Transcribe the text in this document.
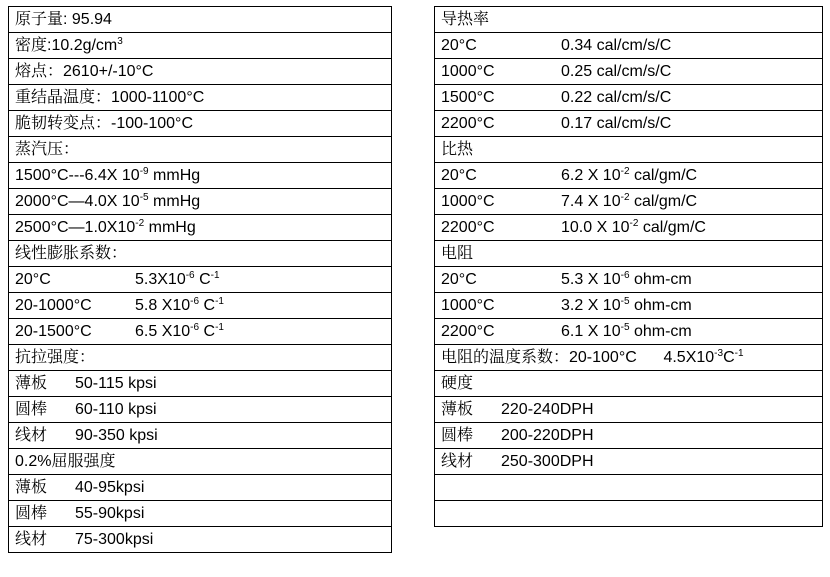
原子量: 95.94
密度$:10.2g/cm^3$
熔点：2610+/-10°C
重结晶温度：1000-1100°C
脆韧转变点：-100-100°C
蒸汽压：
1500°C---6.4X $10^{-9}$ mmHg
2000°C—4.0X $10^{-5}$ mmHg
$2500^\circ C—1.0X10^{-2}$ mmHg
线性膨胀系数：
20°C	$5.3X10^{-6}$ $C^{-1}$
20-1000°C	5.8 $X10^{-6}$ $C^{-1}$
20-1500°C	6.5 $X10^{-6}$ $C^{-1}$
抗拉强度：
薄板 50-115 kpsi
圆棒 60-110 kpsi
线材 90-350 kpsi
0.2%屈服强度
薄板 40-95kpsi
圆棒 55-90kpsi
线材 75-300kpsi
导热率
20°C	0.34 cal/cm/s/C
1000°C	0.25 cal/cm/s/C
1500°C	0.22 cal/cm/s/C
2200°C	0.17 cal/cm/s/C
比热
20°C	6.2 X $10^{-2}$ cal/gm/C
1000°C	7.4 X $10^{-2}$ cal/gm/C
2200°C	10.0 X $10^{-2}$ cal/gm/C
电阻
20°C	5.3 X $10^{-6}$ ohm-cm
1000°C	3.2 X $10^{-5}$ ohm-cm
2200°C	6.1 X $10^{-5}$ ohm-cm
电阻的温度系数：20-100°C      $4.5X10^{-3}C^{-1}$
硬度
薄板 220-240DPH
圆棒 200-220DPH
线材 250-300DPH
